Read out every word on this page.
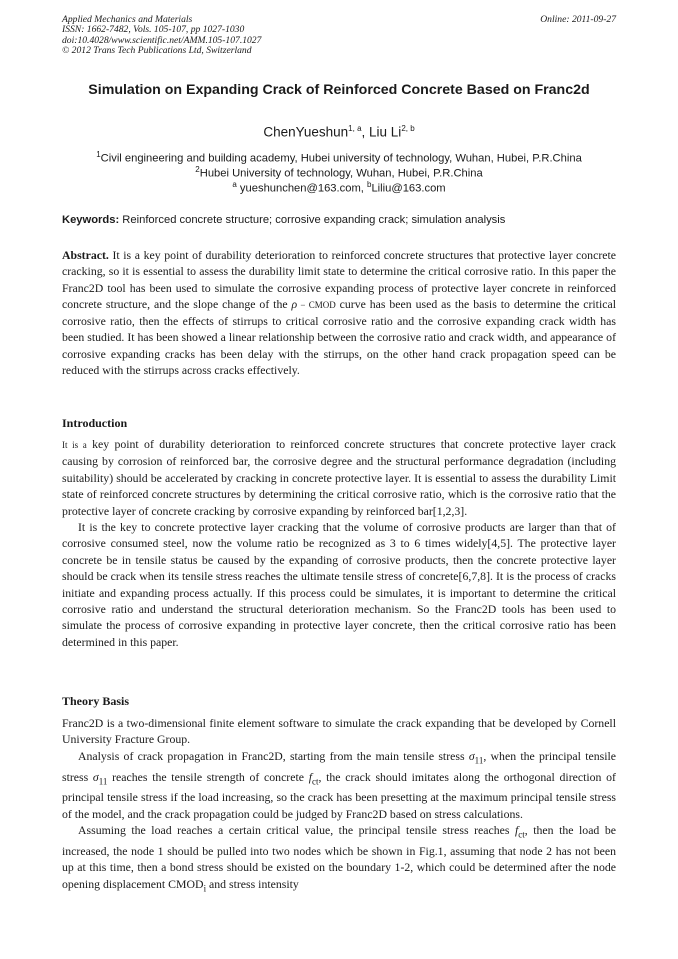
Applied Mechanics and Materials
ISSN: 1662-7482, Vols. 105-107, pp 1027-1030
doi:10.4028/www.scientific.net/AMM.105-107.1027
© 2012 Trans Tech Publications Ltd, Switzerland
Online: 2011-09-27
Simulation on Expanding Crack of Reinforced Concrete Based on Franc2d
ChenYueshun$^{1, a}$, Liu Li$^{2, b}$
$^1$Civil engineering and building academy, Hubei university of technology, Wuhan, Hubei, P.R.China
$^2$Hubei University of technology, Wuhan, Hubei, P.R.China
$^a$ yueshunchen@163.com, $^b$Liliu@163.com
Keywords: Reinforced concrete structure; corrosive expanding crack; simulation analysis
Abstract. It is a key point of durability deterioration to reinforced concrete structures that protective layer concrete cracking, so it is essential to assess the durability limit state to determine the critical corrosive ratio. In this paper the Franc2D tool has been used to simulate the corrosive expanding process of protective layer concrete in reinforced concrete structure, and the slope change of the ρ − CMOD curve has been used as the basis to determine the critical corrosive ratio, then the effects of stirrups to critical corrosive ratio and the corrosive expanding crack width has been studied. It has been showed a linear relationship between the corrosive ratio and crack width, and appearance of corrosive expanding cracks has been delay with the stirrups, on the other hand crack propagation speed can be reduced with the stirrups across cracks effectively.
Introduction

It is a key point of durability deterioration to reinforced concrete structures that concrete protective layer crack causing by corrosion of reinforced bar, the corrosive degree and the structural performance degradation (including suitability) should be accelerated by cracking in concrete protective layer. It is essential to assess the durability Limit state of reinforced concrete structures by determining the critical corrosive ratio, which is the corrosive ratio that the protective layer of concrete cracking by corrosive expanding by reinforced bar[1,2,3].

It is the key to concrete protective layer cracking that the volume of corrosive products are larger than that of corrosive consumed steel, now the volume ratio be recognized as 3 to 6 times widely[4,5]. The protective layer concrete be in tensile status be caused by the expanding of corrosive products, then the concrete protective layer should be crack when its tensile stress reaches the ultimate tensile stress of concrete[6,7,8]. It is the process of cracks initiate and expanding process actually. If this process could be simulates, it is important to determine the critical corrosive ratio and understand the structural deterioration mechanism. So the Franc2D tools has been used to simulate the process of corrosive expanding in protective layer concrete, then the critical corrosive ratio has been determined in this paper.

Theory Basis

Franc2D is a two-dimensional finite element software to simulate the crack expanding that be developed by Cornell University Fracture Group.

Analysis of crack propagation in Franc2D, starting from the main tensile stress $\sigma_{11}$, when the principal tensile stress $\sigma_{11}$ reaches the tensile strength of concrete $f_{ct}$, the crack should imitates along the orthogonal direction of principal tensile stress if the load increasing, so the crack has been presetting at the maximum principal tensile stress of the model, and the crack propagation could be judged by Franc2D based on stress calculations.

Assuming the load reaches a certain critical value, the principal tensile stress reaches $f_{ct}$, then the load be increased, the node 1 should be pulled into two nodes which be shown in Fig.1, assuming that node 2 has not been up at this time, then a bond stress should be existed on the boundary 1-2, which could be determined after the node opening displacement $CMOD_i$ and stress intensity
